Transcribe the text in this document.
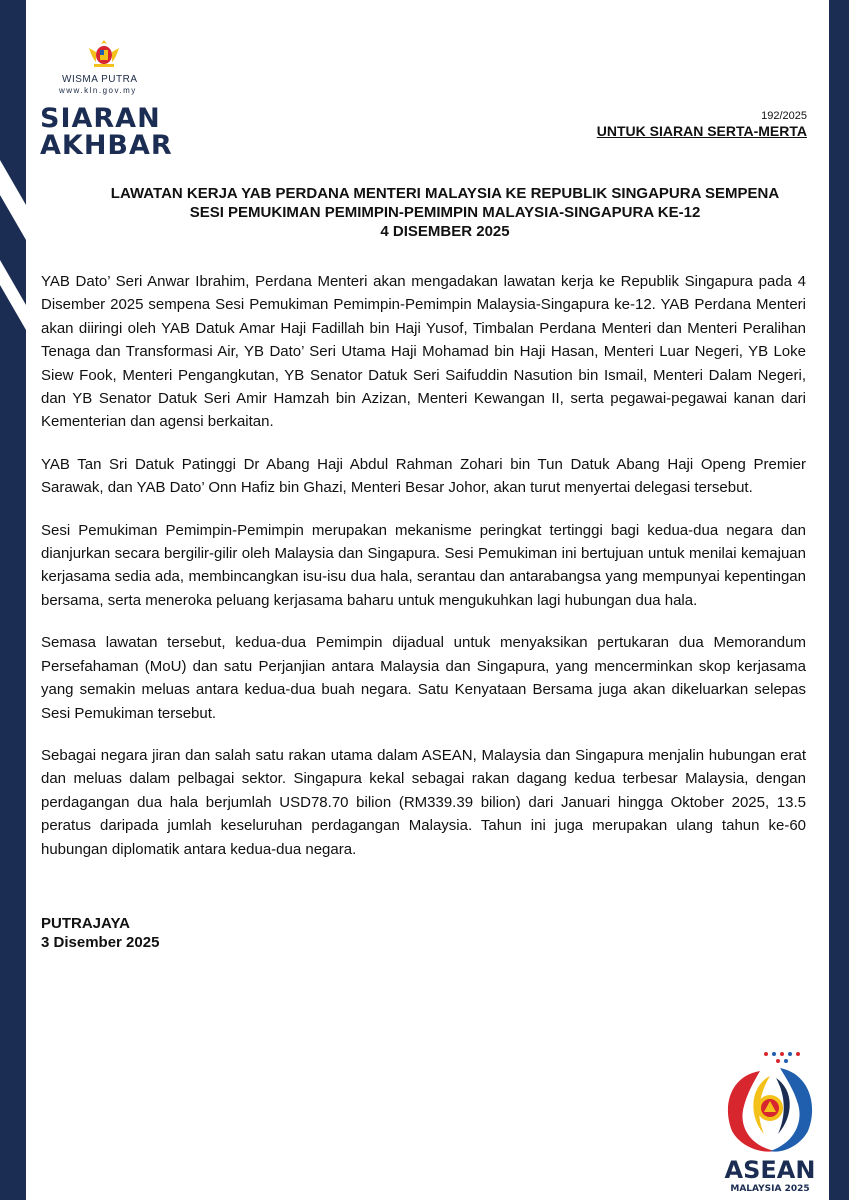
WISMA PUTRA
www.kln.gov.my
SIARAN
AKHBAR
192/2025
UNTUK SIARAN SERTA-MERTA
LAWATAN KERJA YAB PERDANA MENTERI MALAYSIA KE REPUBLIK SINGAPURA SEMPENA
SESI PEMUKIMAN PEMIMPIN-PEMIMPIN MALAYSIA-SINGAPURA KE-12
4 DISEMBER 2025

YAB Dato’ Seri Anwar Ibrahim, Perdana Menteri akan mengadakan lawatan kerja ke Republik Singapura pada 4 Disember 2025 sempena Sesi Pemukiman Pemimpin-Pemimpin Malaysia-Singapura ke-12. YAB Perdana Menteri akan diiringi oleh YAB Datuk Amar Haji Fadillah bin Haji Yusof, Timbalan Perdana Menteri dan Menteri Peralihan Tenaga dan Transformasi Air, YB Dato’ Seri Utama Haji Mohamad bin Haji Hasan, Menteri Luar Negeri, YB Loke Siew Fook, Menteri Pengangkutan, YB Senator Datuk Seri Saifuddin Nasution bin Ismail, Menteri Dalam Negeri, dan YB Senator Datuk Seri Amir Hamzah bin Azizan, Menteri Kewangan II, serta pegawai-pegawai kanan dari Kementerian dan agensi berkaitan.

YAB Tan Sri Datuk Patinggi Dr Abang Haji Abdul Rahman Zohari bin Tun Datuk Abang Haji Openg Premier Sarawak, dan YAB Dato’ Onn Hafiz bin Ghazi, Menteri Besar Johor, akan turut menyertai delegasi tersebut.

Sesi Pemukiman Pemimpin-Pemimpin merupakan mekanisme peringkat tertinggi bagi kedua-dua negara dan dianjurkan secara bergilir-gilir oleh Malaysia dan Singapura. Sesi Pemukiman ini bertujuan untuk menilai kemajuan kerjasama sedia ada, membincangkan isu-isu dua hala, serantau dan antarabangsa yang mempunyai kepentingan bersama, serta meneroka peluang kerjasama baharu untuk mengukuhkan lagi hubungan dua hala.

Semasa lawatan tersebut, kedua-dua Pemimpin dijadual untuk menyaksikan pertukaran dua Memorandum Persefahaman (MoU) dan satu Perjanjian antara Malaysia dan Singapura, yang mencerminkan skop kerjasama yang semakin meluas antara kedua-dua buah negara. Satu Kenyataan Bersama juga akan dikeluarkan selepas Sesi Pemukiman tersebut.

Sebagai negara jiran dan salah satu rakan utama dalam ASEAN, Malaysia dan Singapura menjalin hubungan erat dan meluas dalam pelbagai sektor. Singapura kekal sebagai rakan dagang kedua terbesar Malaysia, dengan perdagangan dua hala berjumlah USD78.70 bilion (RM339.39 bilion) dari Januari hingga Oktober 2025, 13.5 peratus daripada jumlah keseluruhan perdagangan Malaysia. Tahun ini juga merupakan ulang tahun ke-60 hubungan diplomatik antara kedua-dua negara.

PUTRAJAYA
3 Disember 2025
ASEAN
MALAYSIA 2025
